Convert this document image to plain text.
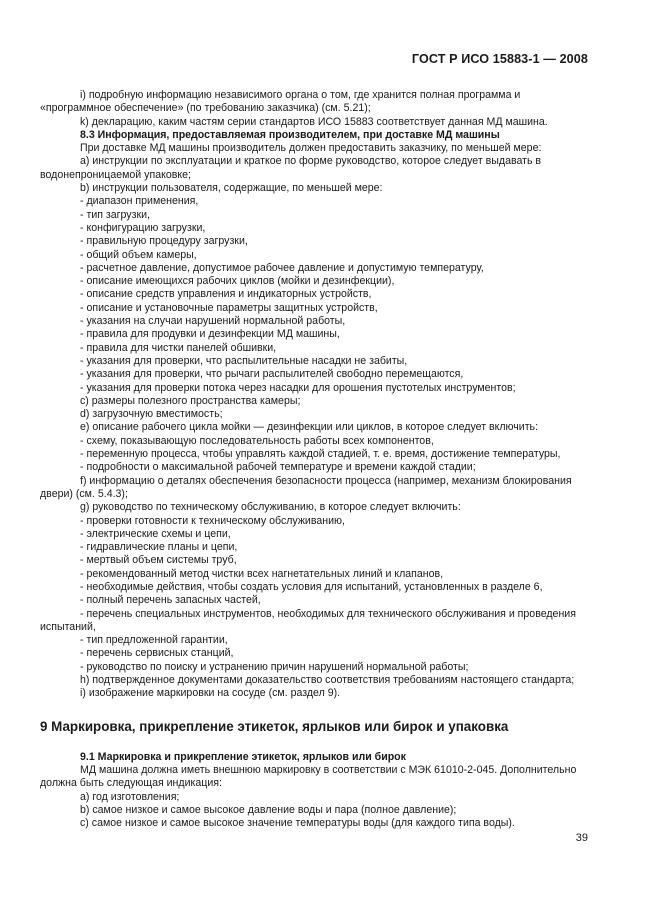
ГОСТ Р ИСО 15883-1 — 2008

i) подробную информацию независимого органа о том, где хранится полная программа и «программное обеспечение» (по требованию заказчика) (см. 5.21);

k) декларацию, каким частям серии стандартов ИСО 15883 соответствует данная МД машина.

8.3 Информация, предоставляемая производителем, при доставке МД машины

При доставке МД машины производитель должен предоставить заказчику, по меньшей мере:

а) инструкции по эксплуатации и краткое по форме руководство, которое следует выдавать в водонепроницаемой упаковке;

b) инструкции пользователя, содержащие, по меньшей мере:

- диапазон применения,

- тип загрузки,

- конфигурацию загрузки,

- правильную процедуру загрузки,

- общий объем камеры,

- расчетное давление, допустимое рабочее давление и допустимую температуру,

- описание имеющихся рабочих циклов (мойки и дезинфекции),

- описание средств управления и индикаторных устройств,

- описание и установочные параметры защитных устройств,

- указания на случаи нарушений нормальной работы,

- правила для продувки и дезинфекции МД машины,

- правила для чистки панелей обшивки,

- указания для проверки, что распылительные насадки не забиты,

- указания для проверки, что рычаги распылителей свободно перемещаются,

- указания для проверки потока через насадки для орошения пустотелых инструментов;

с) размеры полезного пространства камеры;

d) загрузочную вместимость;

е) описание рабочего цикла мойки — дезинфекции или циклов, в которое следует включить:

- схему, показывающую последовательность работы всех компонентов,

- переменную процесса, чтобы управлять каждой стадией, т. е. время, достижение температуры,

- подробности о максимальной рабочей температуре и времени каждой стадии;

f) информацию о деталях обеспечения безопасности процесса (например, механизм блокирования двери) (см. 5.4.3);

g) руководство по техническому обслуживанию, в которое следует включить:

- проверки готовности к техническому обслуживанию,

- электрические схемы и цепи,

- гидравлические планы и цепи,

- мертвый объем системы труб,

- рекомендованный метод чистки всех нагнетательных линий и клапанов,

- необходимые действия, чтобы создать условия для испытаний, установленных в разделе 6,

- полный перечень запасных частей,

- перечень специальных инструментов, необходимых для технического обслуживания и проведения испытаний,

- тип предложенной гарантии,

- перечень сервисных станций,

- руководство по поиску и устранению причин нарушений нормальной работы;

h) подтвержденное документами доказательство соответствия требованиям настоящего стандарта;

i) изображение маркировки на сосуде (см. раздел 9).

9 Маркировка, прикрепление этикеток, ярлыков или бирок и упаковка

9.1 Маркировка и прикрепление этикеток, ярлыков или бирок

МД машина должна иметь внешнюю маркировку в соответствии с МЭК 61010-2-045. Дополнительно должна быть следующая индикация:

а) год изготовления;

b) самое низкое и самое высокое давление воды и пара (полное давление);

с) самое низкое и самое высокое значение температуры воды (для каждого типа воды).

39
